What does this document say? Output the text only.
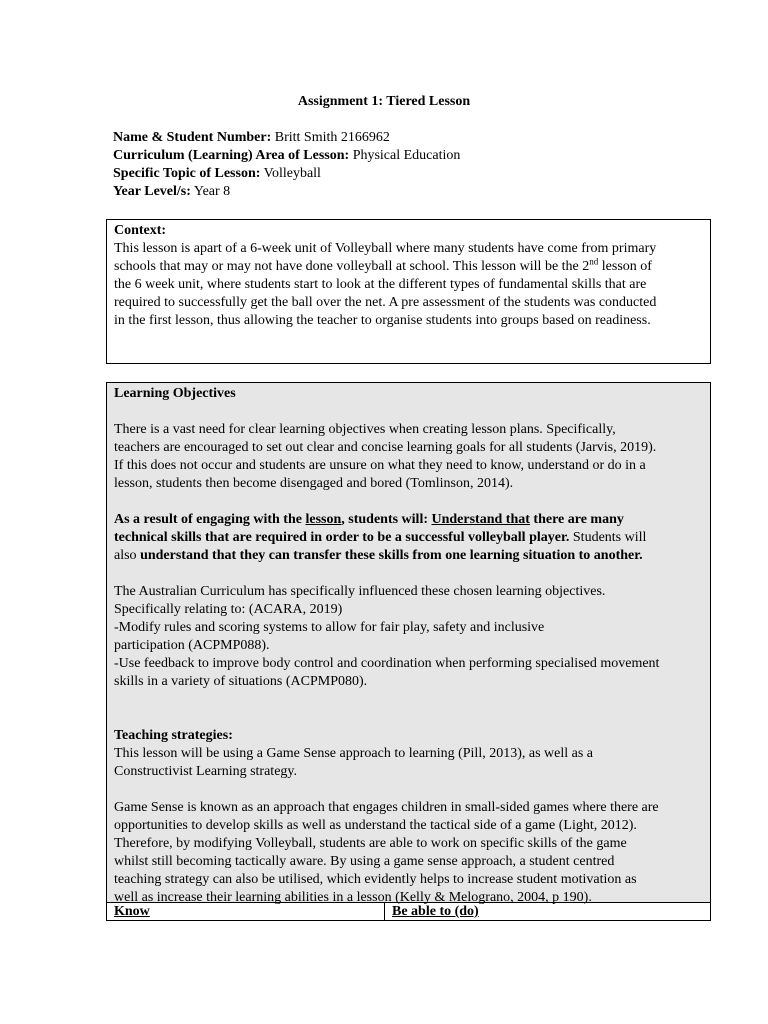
Assignment 1: Tiered Lesson
Name & Student Number: Britt Smith 2166962
Curriculum (Learning) Area of Lesson: Physical Education
Specific Topic of Lesson: Volleyball
Year Level/s: Year 8
Context:

This lesson is apart of a 6-week unit of Volleyball where many students have come from primary

schools that may or may not have done volleyball at school. This lesson will be the 2nd lesson of

the 6 week unit, where students start to look at the different types of fundamental skills that are

required to successfully get the ball over the net. A pre assessment of the students was conducted

in the first lesson, thus allowing the teacher to organise students into groups based on readiness.

Learning Objectives

There is a vast need for clear learning objectives when creating lesson plans. Specifically,

teachers are encouraged to set out clear and concise learning goals for all students (Jarvis, 2019).

If this does not occur and students are unsure on what they need to know, understand or do in a

lesson, students then become disengaged and bored (Tomlinson, 2014).

As a result of engaging with the lesson, students will: Understand that there are many

technical skills that are required in order to be a successful volleyball player. Students will

also understand that they can transfer these skills from one learning situation to another.

The Australian Curriculum has specifically influenced these chosen learning objectives.

Specifically relating to: (ACARA, 2019)

-Modify rules and scoring systems to allow for fair play, safety and inclusive

participation (ACPMP088).

-Use feedback to improve body control and coordination when performing specialised movement

skills in a variety of situations (ACPMP080).

Teaching strategies:

This lesson will be using a Game Sense approach to learning (Pill, 2013), as well as a

Constructivist Learning strategy.

Game Sense is known as an approach that engages children in small-sided games where there are

opportunities to develop skills as well as understand the tactical side of a game (Light, 2012).

Therefore, by modifying Volleyball, students are able to work on specific skills of the game

whilst still becoming tactically aware. By using a game sense approach, a student centred

teaching strategy can also be utilised, which evidently helps to increase student motivation as

well as increase their learning abilities in a lesson (Kelly & Melograno, 2004, p 190).

Know	Be able to (do)
